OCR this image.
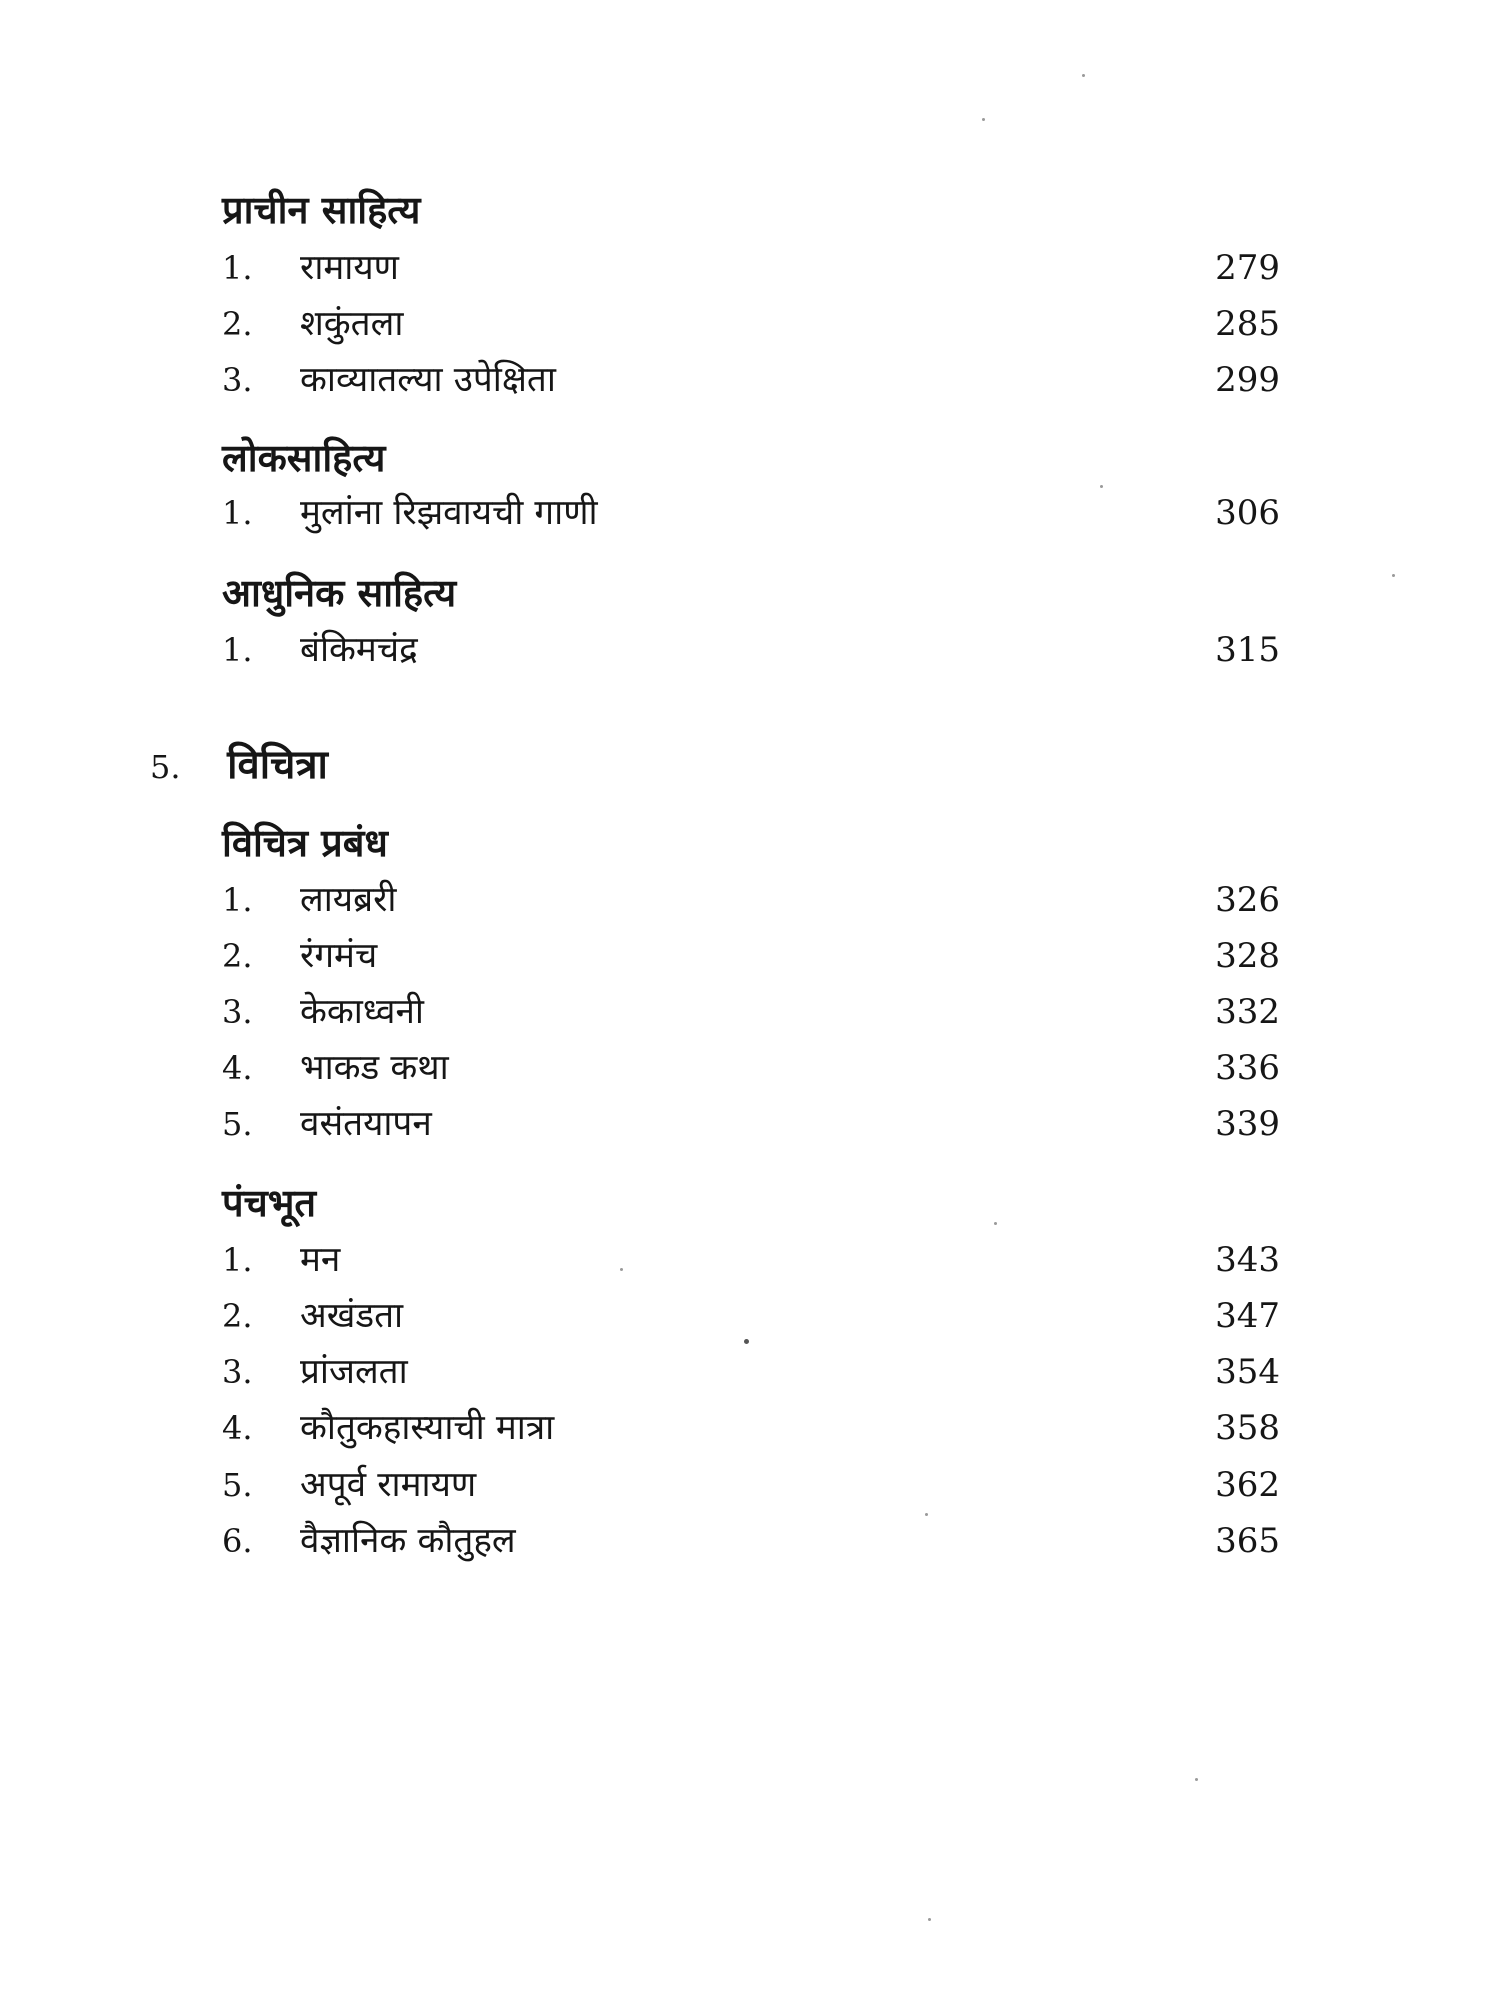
प्राचीन साहित्य
1. रामायण	279
2. शकुंतला	285
3. काव्यातल्या उपेक्षिता	299
लोकसाहित्य
1. मुलांना रिझवायची गाणी	306
आधुनिक साहित्य
1. बंकिमचंद्र	315
5. विचित्रा
विचित्र प्रबंध
1. लायब्ररी	326
2. रंगमंच	328
3. केकाध्वनी	332
4. भाकड कथा	336
5. वसंतयापन	339
पंचभूत
1. मन	343
2. अखंडता	347
3. प्रांजलता	354
4. कौतुकहास्याची मात्रा	358
5. अपूर्व रामायण	362
6. वैज्ञानिक कौतुहल	365
